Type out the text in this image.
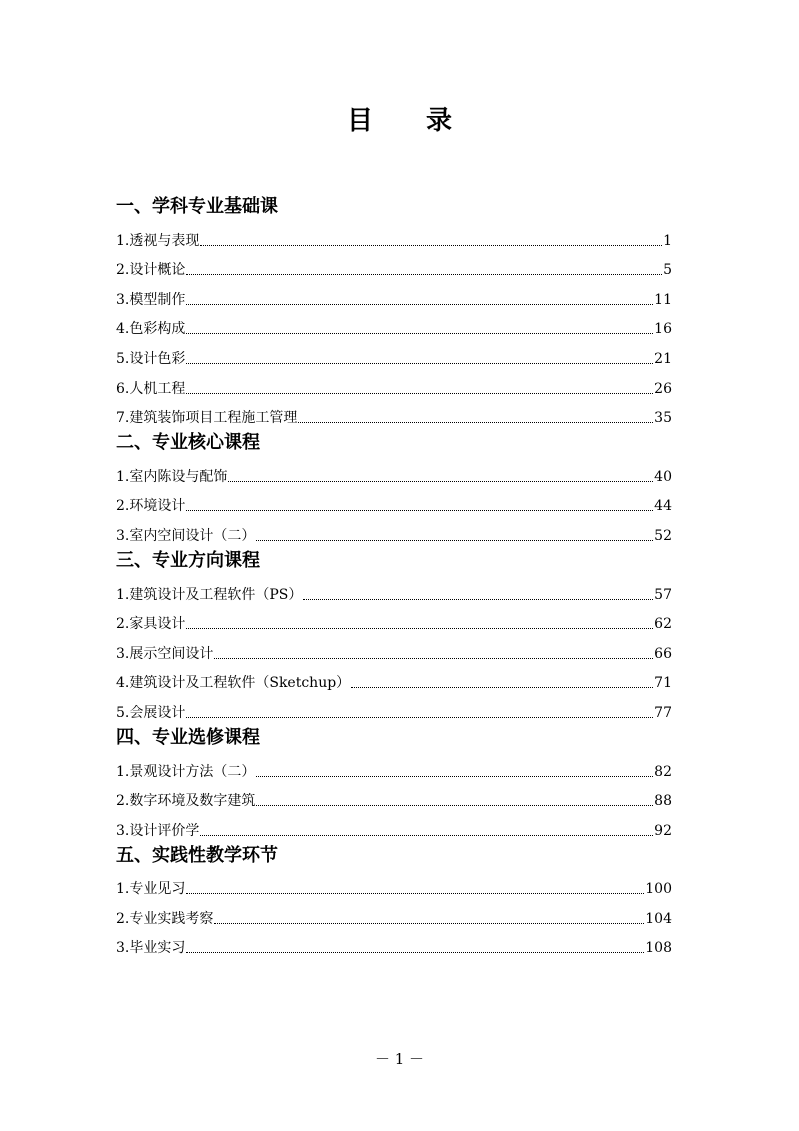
目 录
一、学科专业基础课
1.透视与表现	1
2.设计概论	5
3.模型制作	11
4.色彩构成	16
5.设计色彩	21
6.人机工程	26
7.建筑装饰项目工程施工管理	35
二、专业核心课程
1.室内陈设与配饰	40
2.环境设计	44
3.室内空间设计（二）	52
三、专业方向课程
1.建筑设计及工程软件（PS）	57
2.家具设计	62
3.展示空间设计	66
4.建筑设计及工程软件（Sketchup）	71
5.会展设计	77
四、专业选修课程
1.景观设计方法（二）	82
2.数字环境及数字建筑	88
3.设计评价学	92
五、实践性教学环节
1.专业见习	100
2.专业实践考察	104
3.毕业实习	108
－ 1 －
